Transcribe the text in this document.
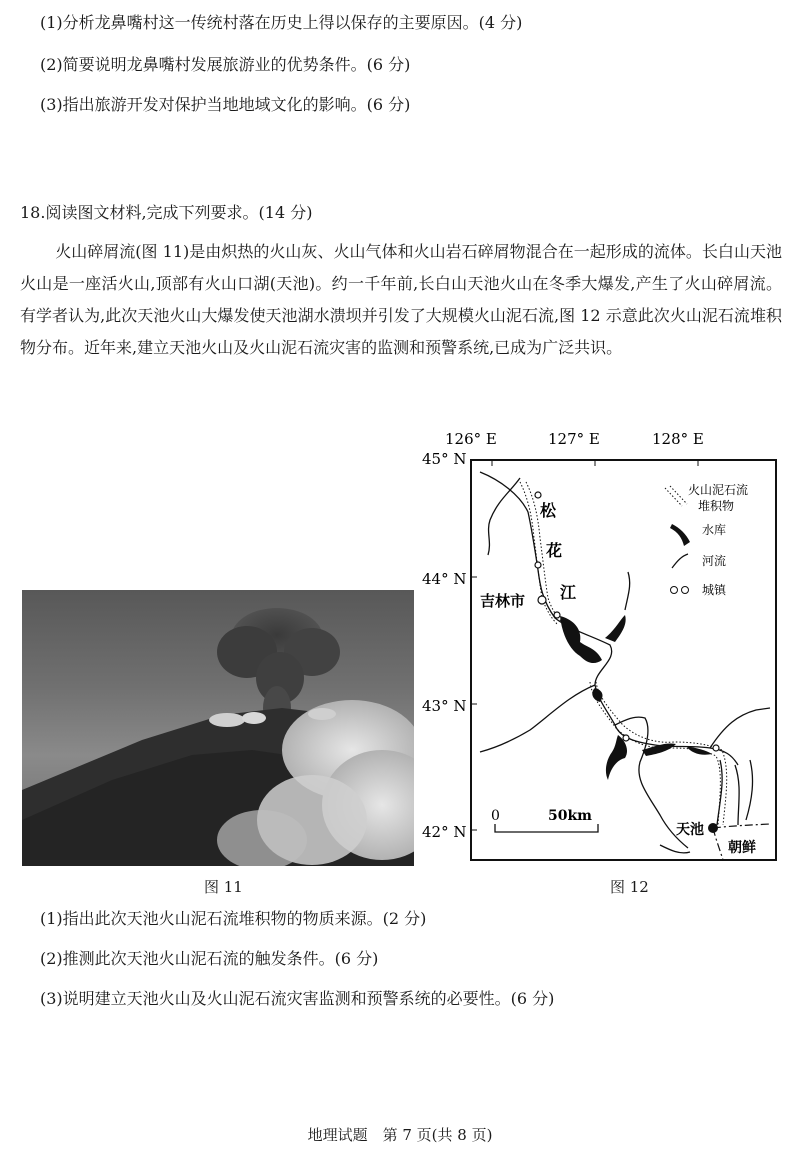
(1)分析龙鼻嘴村这一传统村落在历史上得以保存的主要原因。(4 分)
(2)简要说明龙鼻嘴村发展旅游业的优势条件。(6 分)
(3)指出旅游开发对保护当地地域文化的影响。(6 分)
18.阅读图文材料,完成下列要求。(14 分)
火山碎屑流(图 11)是由炽热的火山灰、火山气体和火山岩石碎屑物混合在一起形成的流体。长白山天池火山是一座活火山,顶部有火山口湖(天池)。约一千年前,长白山天池火山在冬季大爆发,产生了火山碎屑流。有学者认为,此次天池火山大爆发使天池湖水溃坝并引发了大规模火山泥石流,图 12 示意此次火山泥石流堆积物分布。近年来,建立天池火山及火山泥石流灾害的监测和预警系统,已成为广泛共识。
图 11
126° E	127° E	128° E
45° N
44° N
43° N
42° N
松
花
江
吉林市
天池
朝鲜
0	50km
火山泥石流
堆积物
水库
河流
城镇
图 12
(1)指出此次天池火山泥石流堆积物的物质来源。(2 分)
(2)推测此次天池火山泥石流的触发条件。(6 分)
(3)说明建立天池火山及火山泥石流灾害监测和预警系统的必要性。(6 分)
地理试题　第 7 页(共 8 页)
